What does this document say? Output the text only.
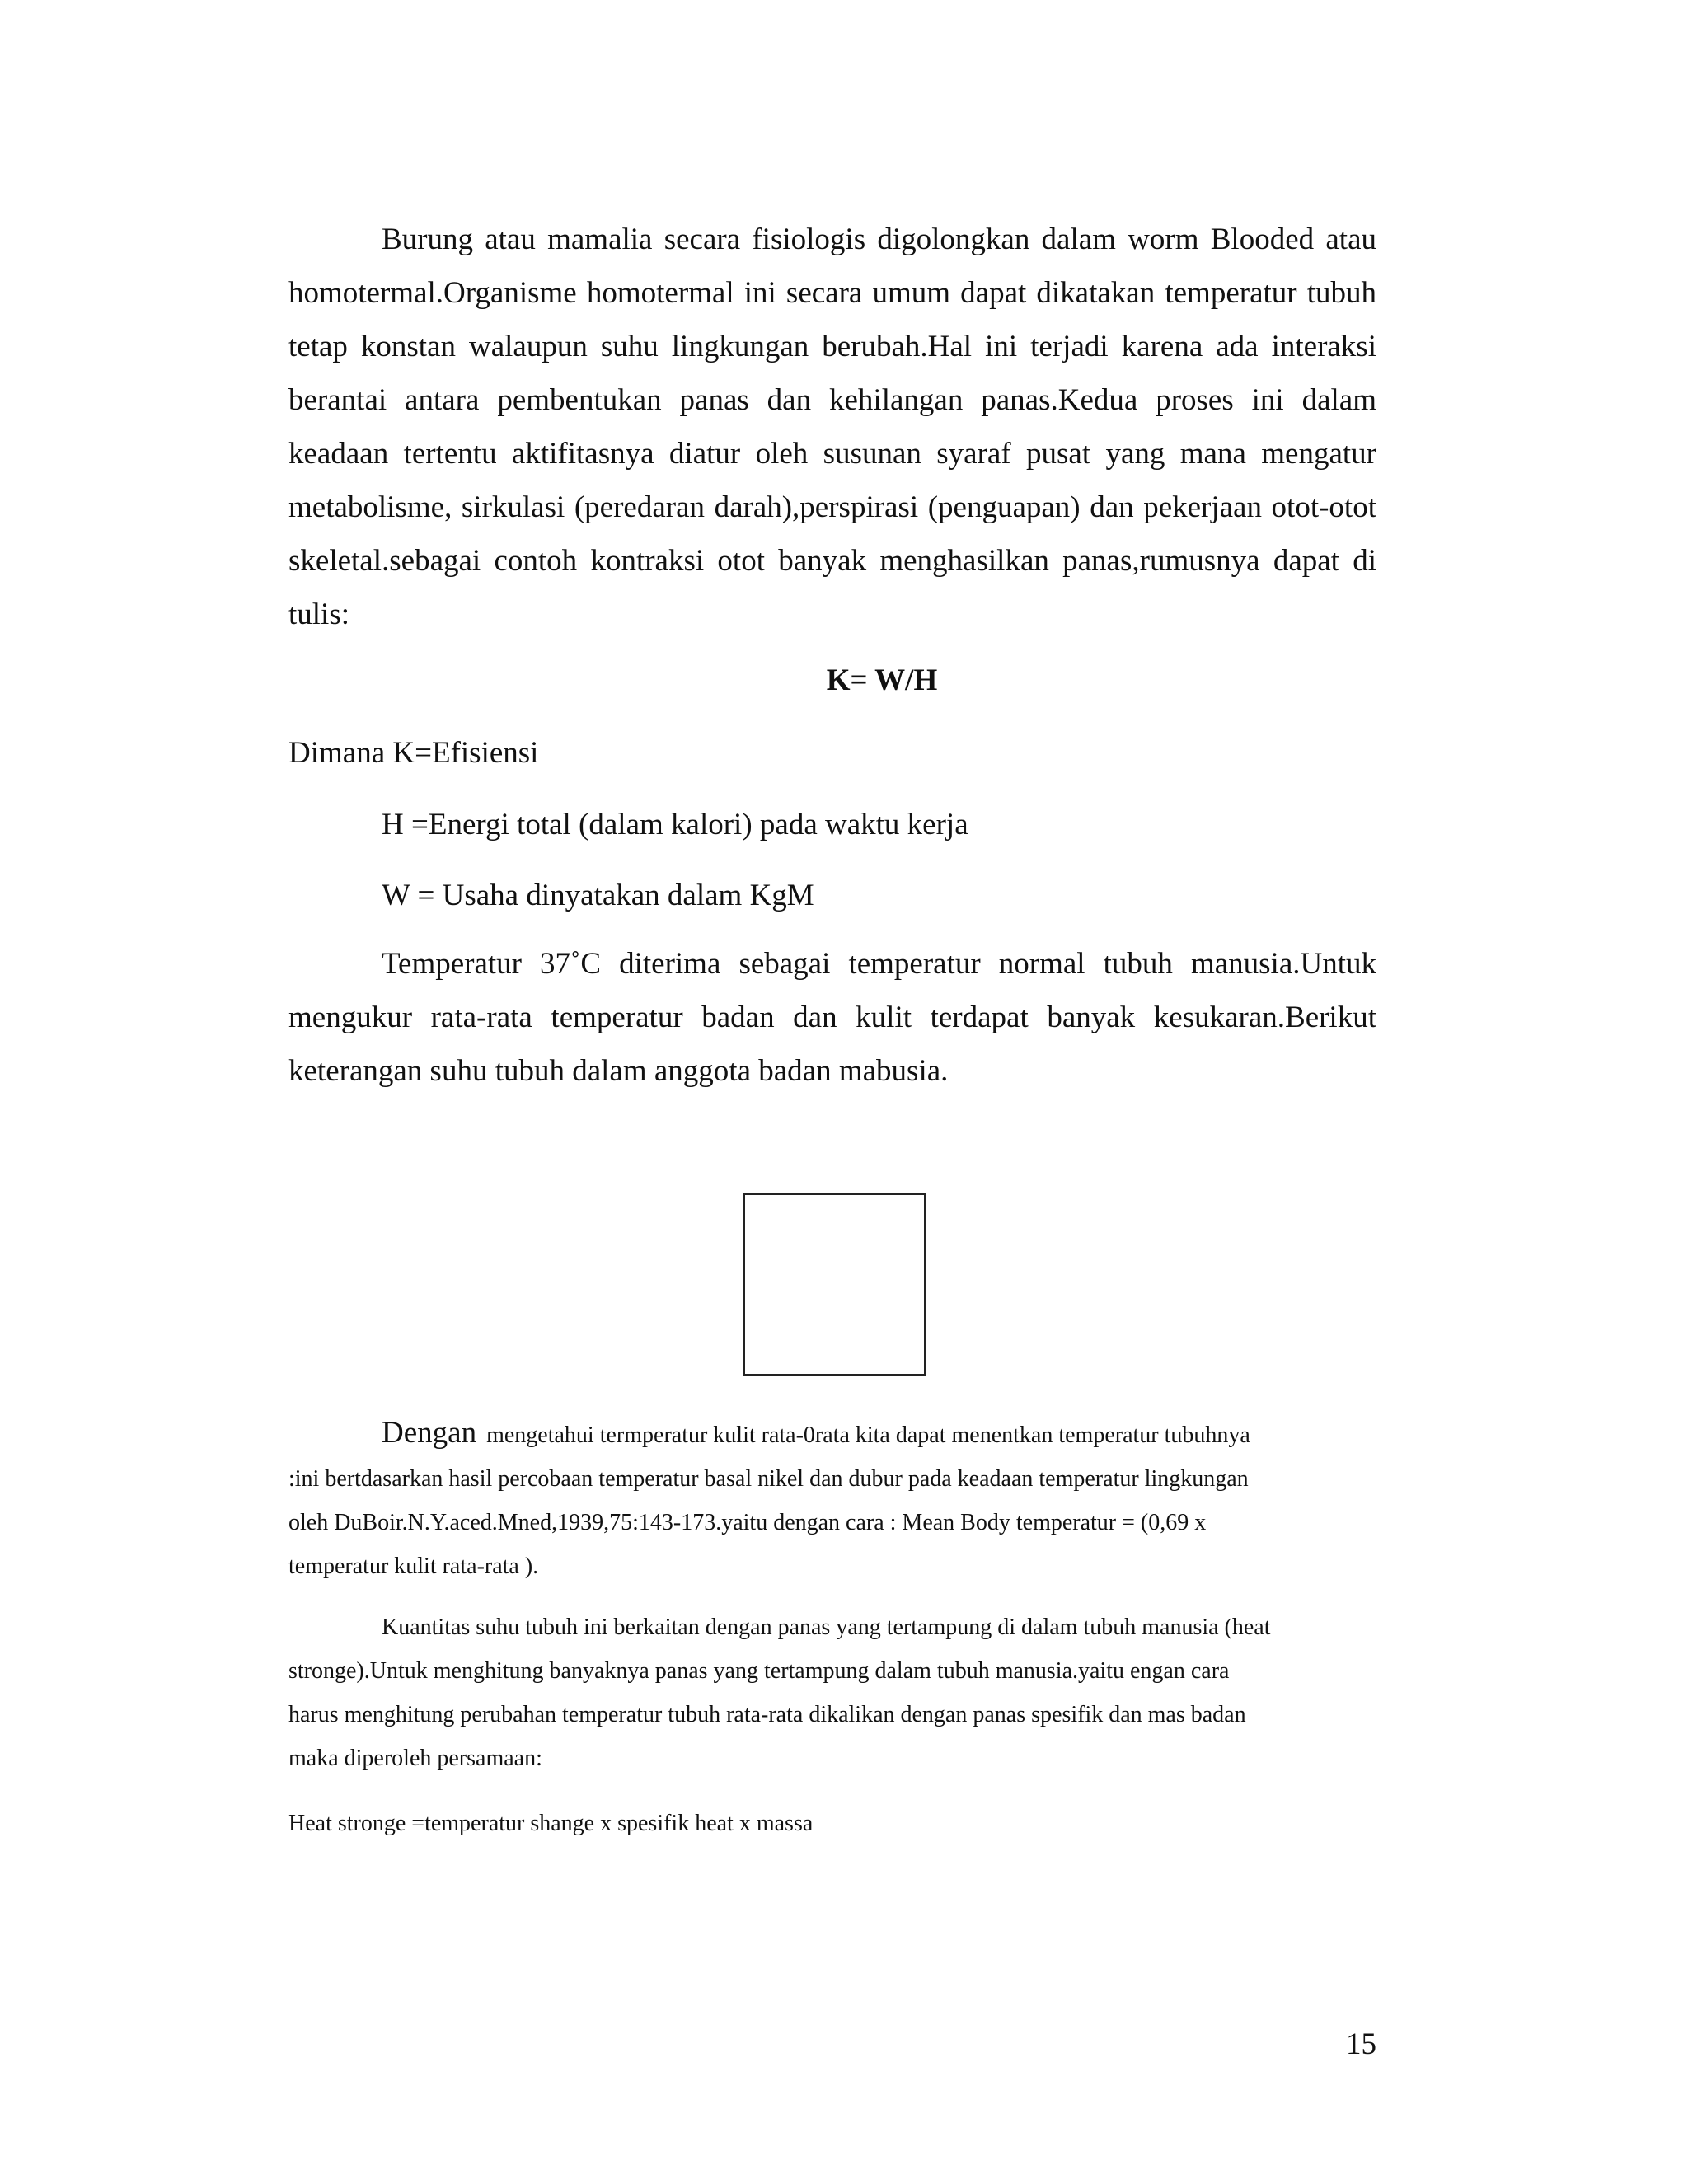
Burung atau mamalia secara fisiologis digolongkan dalam worm Blooded atau homotermal.Organisme homotermal ini secara umum dapat dikatakan temperatur tubuh tetap konstan walaupun suhu lingkungan berubah.Hal ini terjadi karena ada interaksi berantai antara pembentukan panas dan kehilangan panas.Kedua proses ini dalam keadaan tertentu aktifitasnya diatur oleh susunan syaraf pusat yang mana mengatur metabolisme, sirkulasi (peredaran darah),perspirasi (penguapan) dan pekerjaan otot-otot skeletal.sebagai contoh kontraksi otot banyak menghasilkan panas,rumusnya dapat di tulis:

K= W/H
Dimana K=Efisiensi
H =Energi total (dalam kalori) pada waktu kerja
W = Usaha dinyatakan dalam KgM

Temperatur 37˚C diterima sebagai temperatur normal tubuh manusia.Untuk mengukur rata-rata temperatur badan dan kulit terdapat banyak kesukaran.Berikut keterangan suhu tubuh dalam anggota badan mabusia.

Dengan mengetahui termperatur kulit rata-0rata kita dapat menentkan temperatur tubuhnya

:ini bertdasarkan hasil percobaan temperatur basal nikel dan dubur pada keadaan temperatur lingkungan

oleh DuBoir.N.Y.aced.Mned,1939,75:143-173.yaitu dengan cara : Mean Body temperatur = (0,69 x

temperatur kulit rata-rata ).

Kuantitas suhu tubuh ini berkaitan dengan panas yang tertampung di dalam tubuh manusia (heat

stronge).Untuk menghitung banyaknya panas yang tertampung dalam tubuh manusia.yaitu engan cara

harus menghitung perubahan temperatur tubuh rata-rata dikalikan dengan panas spesifik dan mas badan

maka diperoleh persamaan:

Heat stronge =temperatur shange x spesifik heat x massa
15
